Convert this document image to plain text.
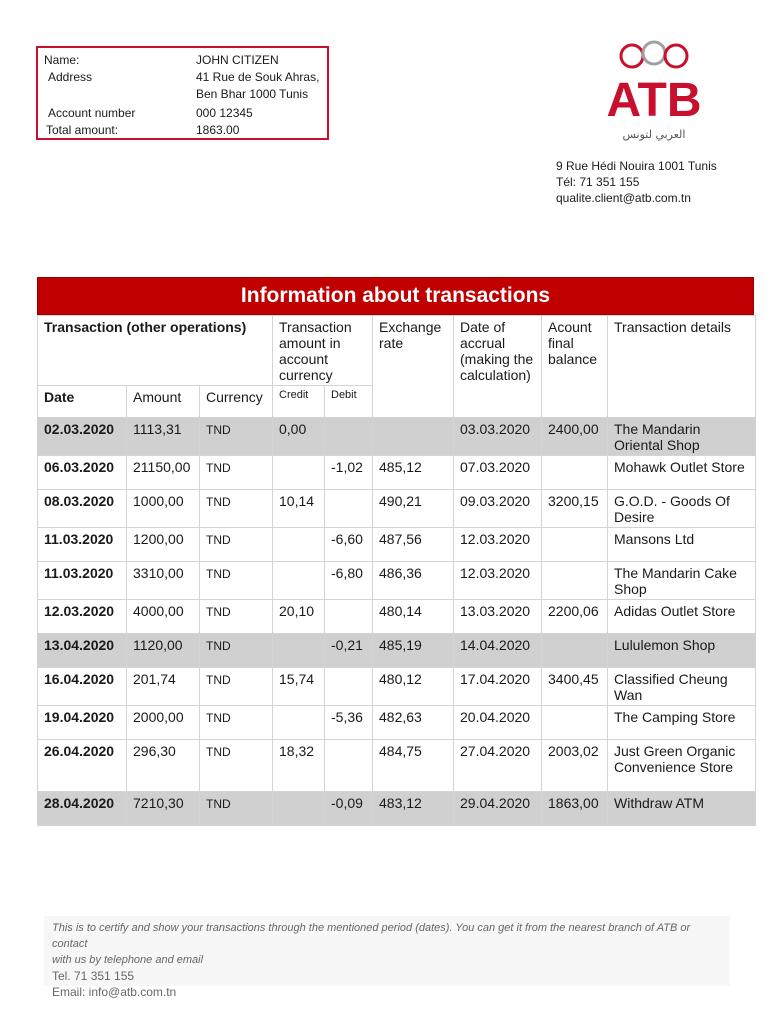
Name:	JOHN CITIZEN
Address	41 Rue de Souk Ahras,
Ben Bhar 1000 Tunis
Account number	000 12345
Total amount:	1863.00
ATB
العربي لتونس
9 Rue Hédi Nouira 1001 Tunis
Tél: 71 351 155
qualite.client@atb.com.tn
Information about transactions
Transaction (other operations)			Transaction amount in account currency		Exchange rate	Date of accrual (making the calculation)	Acount final balance	Transaction details
Date	Amount	Currency	Credit	Debit				
02.03.2020	1113,31	TND	0,00			03.03.2020	2400,00	The Mandarin Oriental Shop
06.03.2020	21150,00	TND		-1,02	485,12	07.03.2020		Mohawk Outlet Store
08.03.2020	1000,00	TND	10,14		490,21	09.03.2020	3200,15	G.O.D. - Goods Of Desire
11.03.2020	1200,00	TND		-6,60	487,56	12.03.2020		Mansons Ltd
11.03.2020	3310,00	TND		-6,80	486,36	12.03.2020		The Mandarin Cake Shop
12.03.2020	4000,00	TND	20,10		480,14	13.03.2020	2200,06	Adidas Outlet Store
13.04.2020	1120,00	TND		-0,21	485,19	14.04.2020		Lululemon Shop
16.04.2020	201,74	TND	15,74		480,12	17.04.2020	3400,45	Classified Cheung Wan
19.04.2020	2000,00	TND		-5,36	482,63	20.04.2020		The Camping Store
26.04.2020	296,30	TND	18,32		484,75	27.04.2020	2003,02	Just Green Organic Convenience Store
28.04.2020	7210,30	TND		-0,09	483,12	29.04.2020	1863,00	Withdraw ATM
This is to certify and show your transactions through the mentioned period (dates). You can get it from the nearest branch of ATB or contact
with us by telephone and email
Tel. 71 351 155
Email: info@atb.com.tn
